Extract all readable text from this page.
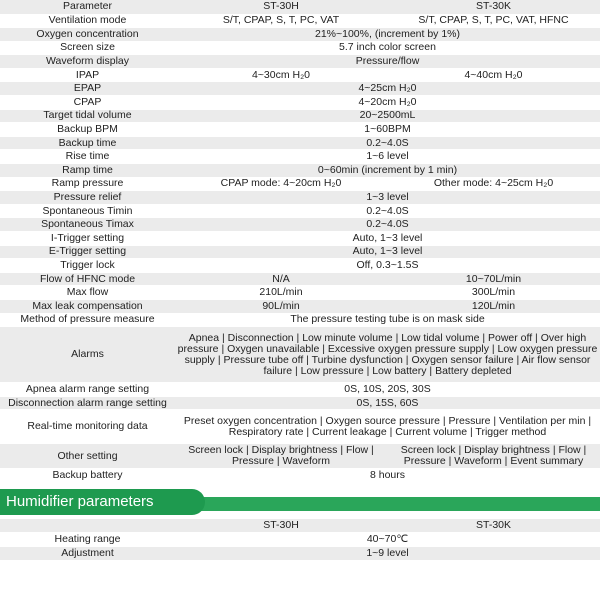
Parameter	ST-30H	ST-30K
Ventilation mode	S/T, CPAP, S, T, PC, VAT	S/T, CPAP, S, T, PC, VAT, HFNC
Oxygen concentration	21%~100%, (increment by 1%)	
Screen size	5.7 inch color screen	
Waveform display	Pressure/flow	
IPAP	4~30cm H₂0	4~40cm H₂0
EPAP	4~25cm H₂0	
CPAP	4~20cm H₂0	
Target tidal volume	20~2500mL	
Backup BPM	1~60BPM	
Backup time	0.2~4.0S	
Rise time	1~6 level	
Ramp time	0~60min (increment by 1 min)	
Ramp pressure	CPAP mode: 4~20cm H₂0	Other mode: 4~25cm H₂0
Pressure relief	1~3 level	
Spontaneous Timin	0.2~4.0S	
Spontaneous Timax	0.2~4.0S	
I-Trigger setting	Auto, 1~3 level	
E-Trigger setting	Auto, 1~3 level	
Trigger lock	Off, 0.3~1.5S	
Flow of HFNC mode	N/A	10~70L/min
Max flow	210L/min	300L/min
Max leak compensation	90L/min	120L/min
Method of pressure measure	The pressure testing tube is on mask side	
Alarms	Apnea | Disconnection | Low minute volume | Low tidal volume | Power off | Over high pressure | Oxygen unavailable | Excessive oxygen pressure supply | Low oxygen pressure supply | Pressure tube off | Turbine dysfunction | Oxygen sensor failure | Air flow sensor failure | Low pressure | Low battery | Battery depleted	
Apnea alarm range setting	0S, 10S, 20S, 30S	
Disconnection alarm range setting	0S, 15S, 60S	
Real-time monitoring data	Preset oxygen concentration | Oxygen source pressure | Pressure | Ventilation per min | Respiratory rate | Current leakage | Current volume | Trigger method	
Other setting	Screen lock | Display brightness | Flow | Pressure | Waveform	Screen lock | Display brightness | Flow | Pressure | Waveform | Event summary
Backup battery	8 hours	
Humidifier parameters
	ST-30H	ST-30K
Heating range	40~70℃	
Adjustment	1~9 level	
